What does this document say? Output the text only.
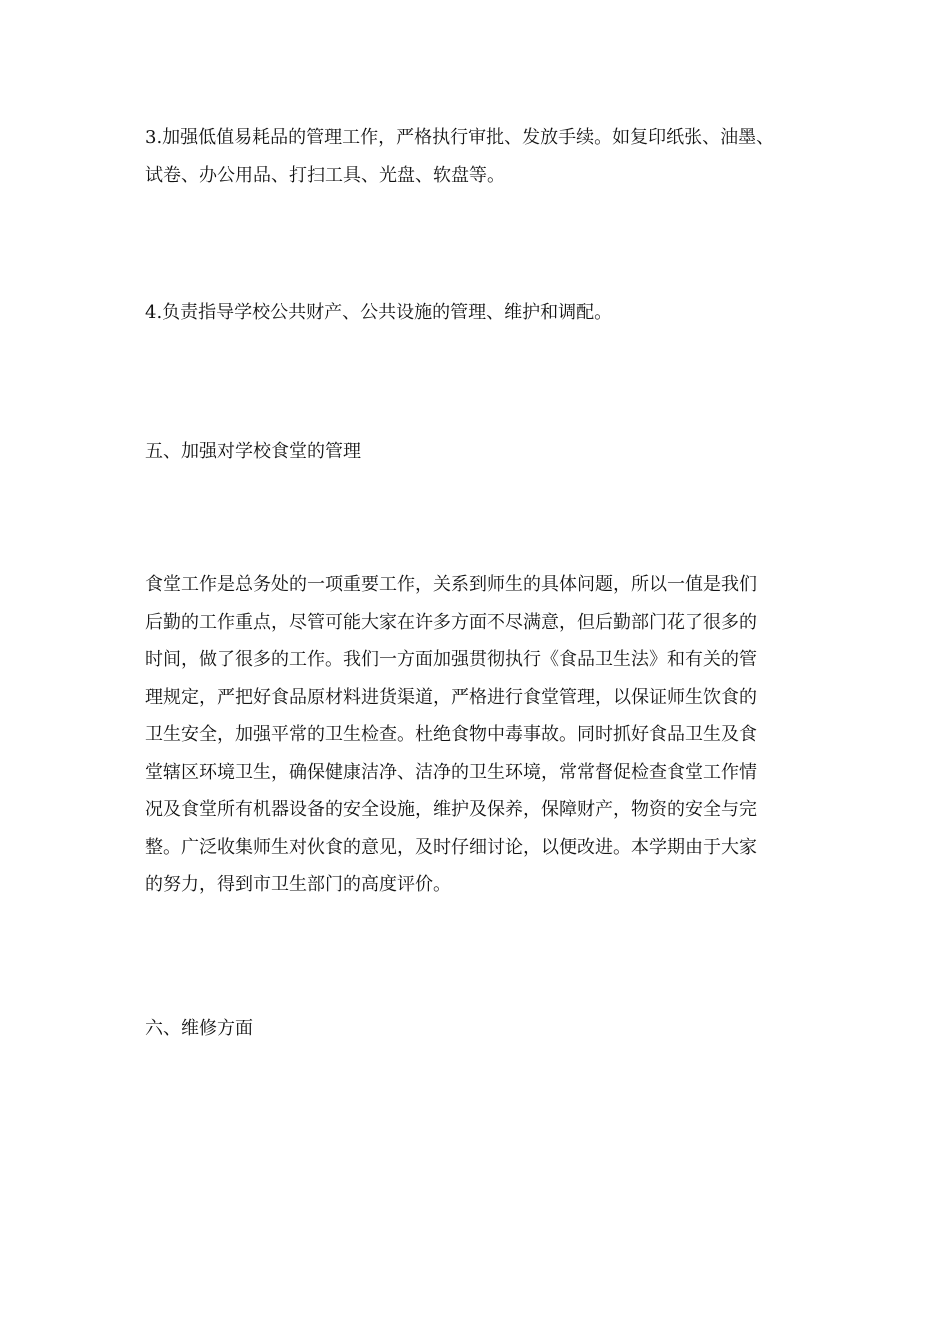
3.加强低值易耗品的管理工作，严格执行审批、发放手续。如复印纸张、油墨、
试卷、办公用品、打扫工具、光盘、软盘等。
4.负责指导学校公共财产、公共设施的管理、维护和调配。
五、加强对学校食堂的管理
食堂工作是总务处的一项重要工作，关系到师生的具体问题，所以一值是我们
后勤的工作重点，尽管可能大家在许多方面不尽满意，但后勤部门花了很多的
时间，做了很多的工作。我们一方面加强贯彻执行《食品卫生法》和有关的管
理规定，严把好食品原材料进货渠道，严格进行食堂管理，以保证师生饮食的
卫生安全，加强平常的卫生检查。杜绝食物中毒事故。同时抓好食品卫生及食
堂辖区环境卫生，确保健康洁净、洁净的卫生环境，常常督促检查食堂工作情
况及食堂所有机器设备的安全设施，维护及保养，保障财产，物资的安全与完
整。广泛收集师生对伙食的意见，及时仔细讨论，以便改进。本学期由于大家
的努力，得到市卫生部门的高度评价。
六、维修方面
